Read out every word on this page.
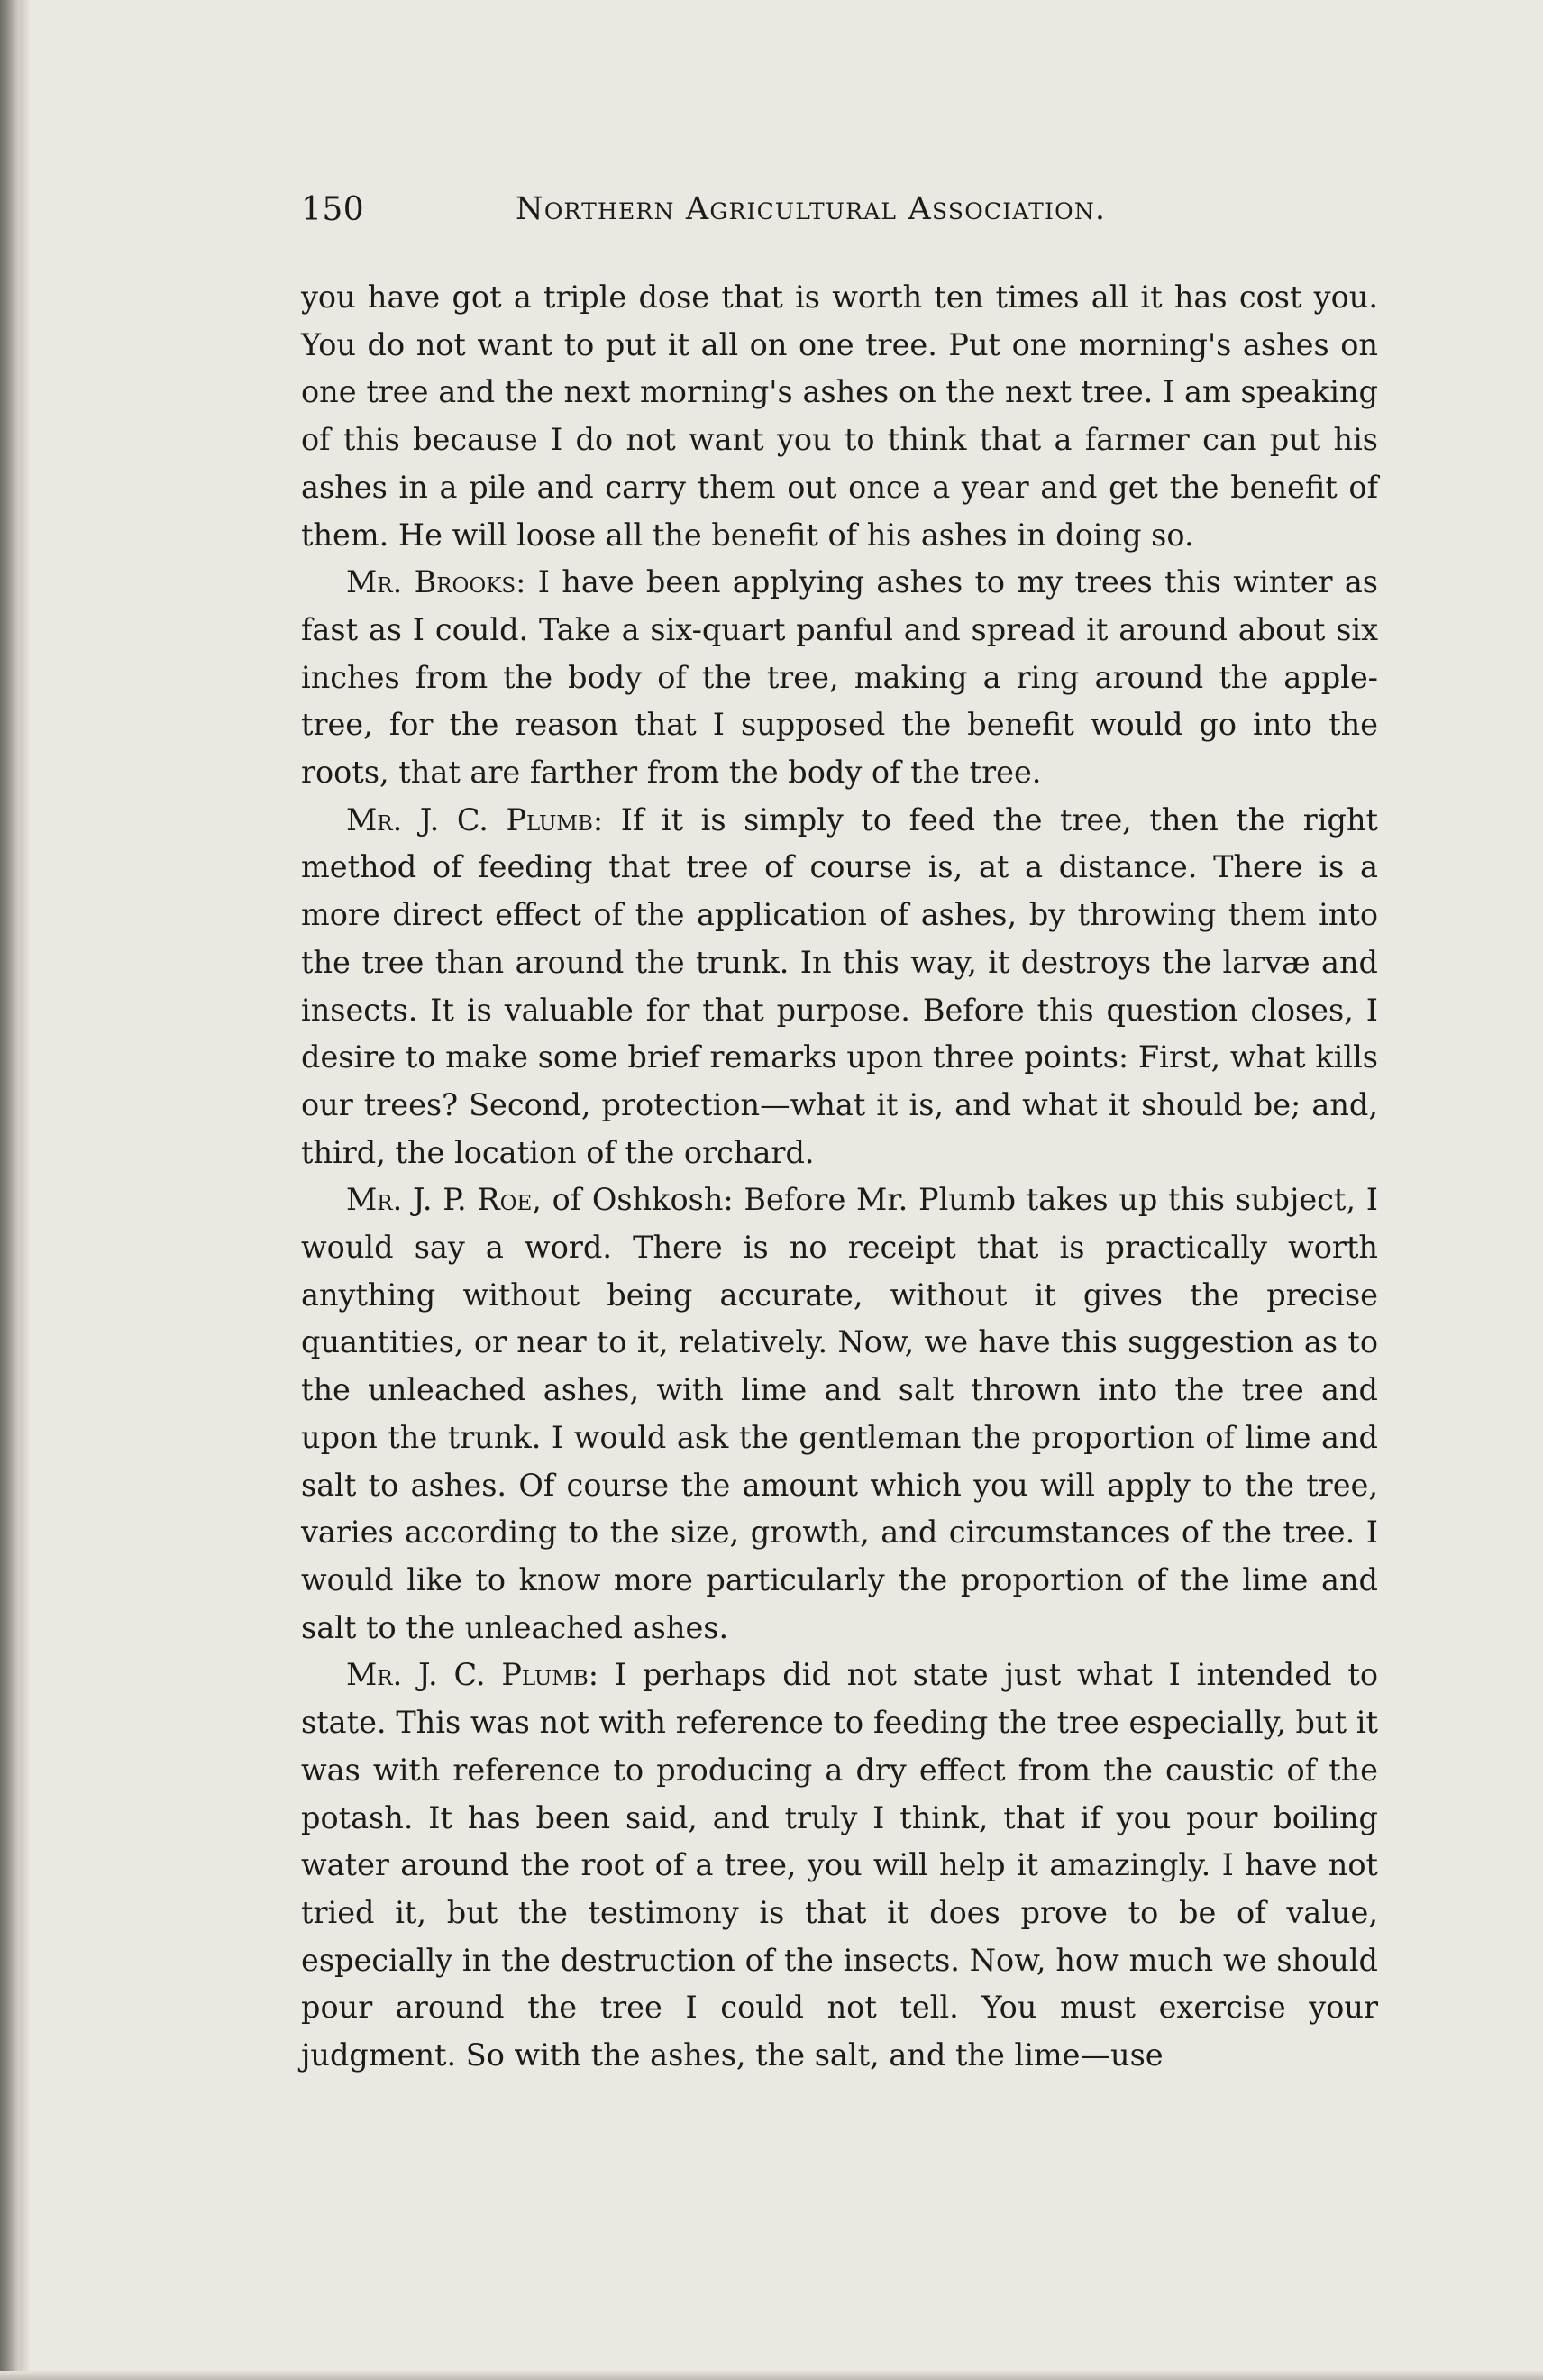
150	Northern Agricultural Association.

you have got a triple dose that is worth ten times all it has cost you. You do not want to put it all on one tree. Put one morning's ashes on one tree and the next morning's ashes on the next tree. I am speaking of this because I do not want you to think that a farmer can put his ashes in a pile and carry them out once a year and get the benefit of them. He will loose all the benefit of his ashes in doing so.

Mr. Brooks: I have been applying ashes to my trees this winter as fast as I could. Take a six-quart panful and spread it around about six inches from the body of the tree, making a ring around the apple-tree, for the reason that I supposed the benefit would go into the roots, that are farther from the body of the tree.

Mr. J. C. Plumb: If it is simply to feed the tree, then the right method of feeding that tree of course is, at a distance. There is a more direct effect of the application of ashes, by throwing them into the tree than around the trunk. In this way, it destroys the larvæ and insects. It is valuable for that purpose. Before this question closes, I desire to make some brief remarks upon three points: First, what kills our trees? Second, protection—what it is, and what it should be; and, third, the location of the orchard.

Mr. J. P. Roe, of Oshkosh: Before Mr. Plumb takes up this subject, I would say a word. There is no receipt that is practically worth anything without being accurate, without it gives the precise quantities, or near to it, relatively. Now, we have this suggestion as to the unleached ashes, with lime and salt thrown into the tree and upon the trunk. I would ask the gentleman the proportion of lime and salt to ashes. Of course the amount which you will apply to the tree, varies according to the size, growth, and circumstances of the tree. I would like to know more particularly the proportion of the lime and salt to the unleached ashes.

Mr. J. C. Plumb: I perhaps did not state just what I intended to state. This was not with reference to feeding the tree especially, but it was with reference to producing a dry effect from the caustic of the potash. It has been said, and truly I think, that if you pour boiling water around the root of a tree, you will help it amazingly. I have not tried it, but the testimony is that it does prove to be of value, especially in the destruction of the insects. Now, how much we should pour around the tree I could not tell. You must exercise your judgment. So with the ashes, the salt, and the lime—use
